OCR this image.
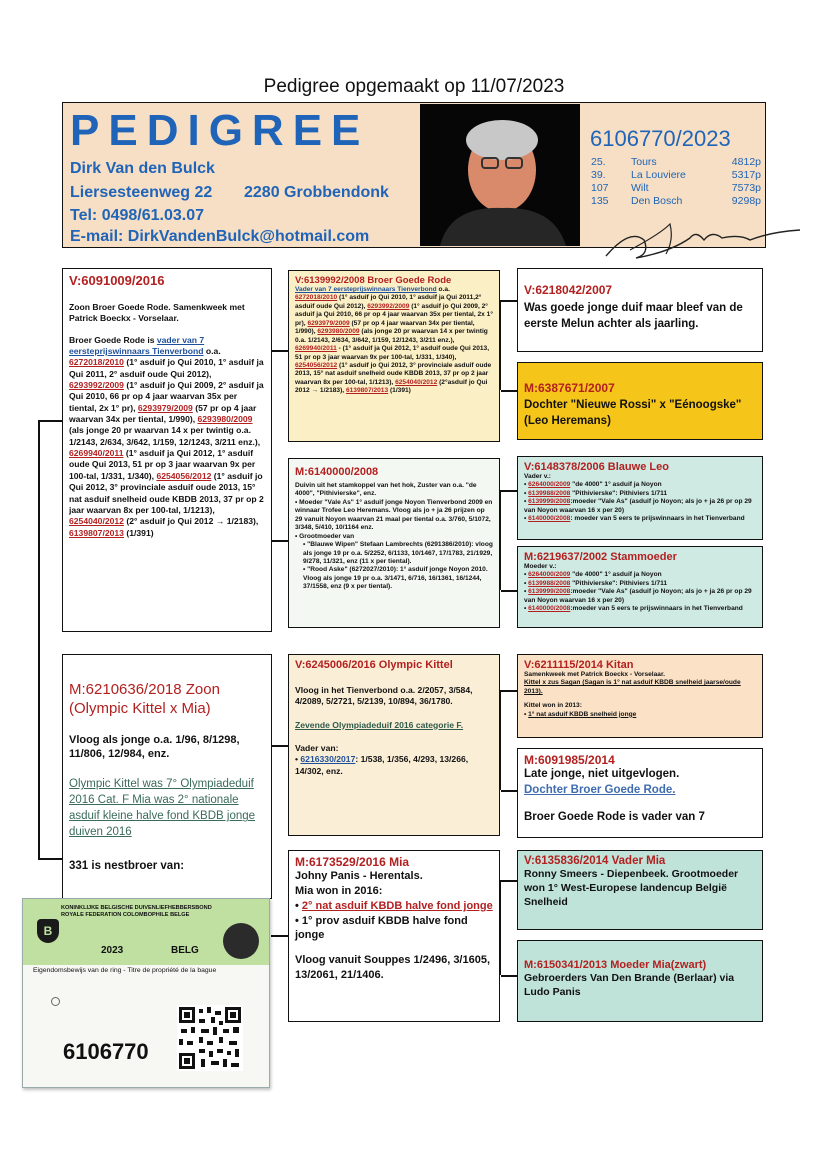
Pedigree opgemaakt op 11/07/2023
PEDIGREE
Dirk Van den Bulck
Liersesteenweg 22 2280 Grobbendonk
Tel: 0498/61.03.07
E-mail: DirkVandenBulck@hotmail.com
6106770/2023
25.	Tours	4812p
39.	La Louviere	5317p
107	Wilt	7573p
135	Den Bosch	9298p
V:6091009/2016

Zoon Broer Goede Rode. Samenkweek met Patrick Boeckx - Vorselaar.

Broer Goede Rode is vader van 7 eersteprijswinnaars Tienverbond o.a. 6272018/2010 (1° asduif jo Qui 2010, 1° asduif ja Qui 2011, 2° asduif oude Qui 2012), 6293992/2009 (1° asduif jo Qui 2009, 2° asduif ja Qui 2010, 66 pr op 4 jaar waarvan 35x per tiental, 2x 1° pr), 6293979/2009 (57 pr op 4 jaar waarvan 34x per tiental, 1/990), 6293980/2009 (als jonge 20 pr waarvan 14 x per twintig o.a. 1/2143, 2/634, 3/642, 1/159, 12/1243, 3/211 enz.), 6269940/2011 (1° asduif ja Qui 2012, 1° asduif oude Qui 2013, 51 pr op 3 jaar waarvan 9x per 100-tal, 1/331, 1/340), 6254056/2012 (1° asduif jo Qui 2012, 3° provinciale asduif oude 2013, 15° nat asduif snelheid oude KBDB 2013, 37 pr op 2 jaar waarvan 8x per 100-tal, 1/1213), 6254040/2012 (2° asduif jo Qui 2012 → 1/2183), 6139807/2013 (1/391)

V:6139992/2008 Broer Goede Rode

Vader van 7 eersteprijswinnaars Tienverbond o.a. 6272018/2010 (1° asduif jo Qui 2010, 1° asduif ja Qui 2011,2° asduif oude Qui 2012), 6293992/2009 (1° asduif jo Qui 2009, 2° asduif ja Qui 2010, 66 pr op 4 jaar waarvan 35x per tiental, 2x 1° pr), 6293979/2009 (57 pr op 4 jaar waarvan 34x per tiental, 1/990), 6293980/2009 (als jonge 20 pr waarvan 14 x per twintig 0.a. 1/2143, 2/634, 3/642, 1/159, 12/1243, 3/211 enz.), 6269940/2011 - (1° asduif ja Qui 2012, 1° asduif oude Qui 2013, 51 pr op 3 jaar waarvan 9x per 100-tal, 1/331, 1/340), 6254056/2012 (1° asduif jo Qui 2012, 3° provinciale asduif oude 2013, 15° nat asduif snelheid oude KBDB 2013, 37 pr op 2 jaar waarvan 8x per 100-tal, 1/1213), 6254040/2012 (2°asduif jo Qui 2012 → 1/2183), 6139807/2013 (1/391)

V:6218042/2007

Was goede jonge duif maar bleef van de eerste Melun achter als jaarling.

M:6387671/2007

Dochter "Nieuwe Rossi" x "Eénoogske" (Leo Heremans)

M:6140000/2008

Duivin uit het stamkoppel van het hok, Zuster van o.a. "de 4000", "Pithivierske", enz.

• Moeder "Vale As" 1° asduif jonge Noyon Tienverbond 2009 en winnaar Trofee Leo Heremans. Vloog als jo + ja 26 prijzen op 29 vanuit Noyon waarvan 21 maal per tiental o.a. 3/760, 5/1072, 3/348, 5/410, 10/1164 enz.

• Grootmoeder van

• "Blauwe Wipen" Stefaan Lambrechts (6291386/2010): vloog als jonge 19 pr o.a. 5/2252, 6/1133, 10/1467, 17/1783, 21/1929, 9/278, 11/321, enz (11 x per tiental).

• "Rood Aske" (6272027/2010): 1° asduif jonge Noyon 2010. Vloog als jonge 19 pr o.a. 3/1471, 6/716, 16/1361, 16/1244, 37/1558, enz (9 x per tiental).

V:6148378/2006 Blauwe Leo

Vader v.:

• 6264000/2009 "de 4000" 1° asduif ja Noyon

• 6139988/2008 "Pithivierske": Pithiviers 1/711

• 6139999/2008:moeder "Vale As" (asduif jo Noyon; als jo + ja 26 pr op 29 van Noyon waarvan 16 x per 20)

• 6140000/2008: moeder van 5 eers te prijswinnaars in het Tienverband

M:6219637/2002 Stammoeder

Moeder v.:

• 6264000/2009 "de 4000" 1° asduif ja Noyon

• 6139988/2008 "Pithivierske": Pithiviers 1/711

• 6139999/2008:moeder "Vale As" (asduif jo Noyon; als jo + ja 26 pr op 29 van Noyon waarvan 16 x per 20)

• 6140000/2008:moeder van 5 eers te prijswinnaars in het Tienverband

M:6210636/2018 Zoon (Olympic Kittel x Mia)

Vloog als jonge o.a. 1/96, 8/1298, 11/806, 12/984, enz.

Olympic Kittel was 7° Olympiadeduif 2016 Cat. F Mia was 2° nationale asduif kleine halve fond KBDB jonge duiven 2016

331 is nestbroer van:

V:6245006/2016 Olympic Kittel

Vloog in het Tienverbond o.a. 2/2057, 3/584, 4/2089, 5/2721, 5/2139, 10/894, 36/1780.

Zevende Olympiadeduif 2016 categorie F.

Vader van:

• 6216330/2017: 1/538, 1/356, 4/293, 13/266, 14/302, enz.

V:6211115/2014 Kitan

Samenkweek met Patrick Boeckx - Vorselaar.

Kittel x zus Sagan (Sagan is 1° nat asduif KBDB snelheid jaarse/oude 2013).

Kittel won in 2013:

• 1° nat asduif KBDB snelheid jonge

M:6091985/2014

Late jonge, niet uitgevlogen.

Dochter Broer Goede Rode.

Broer Goede Rode is vader van 7

M:6173529/2016 Mia

Johny Panis - Herentals.

Mia won in 2016:

• 2° nat asduif KBDB halve fond jonge

• 1° prov asduif KBDB halve fond jonge

Vloog vanuit Souppes 1/2496, 3/1605, 13/2061, 21/1406.

V:6135836/2014 Vader Mia

Ronny Smeers - Diepenbeek. Grootmoeder won 1° West-Europese landencup België Snelheid

M:6150341/2013 Moeder Mia(zwart)

Gebroerders Van Den Brande (Berlaar) via Ludo Panis

KONINKLIJKE BELGISCHE DUIVENLIEFHEBBERSBOND
ROYALE FEDERATION COLOMBOPHILE BELGE
B
2023	BELG
Eigendomsbewijs van de ring - Titre de propriété de la bague
6106770
